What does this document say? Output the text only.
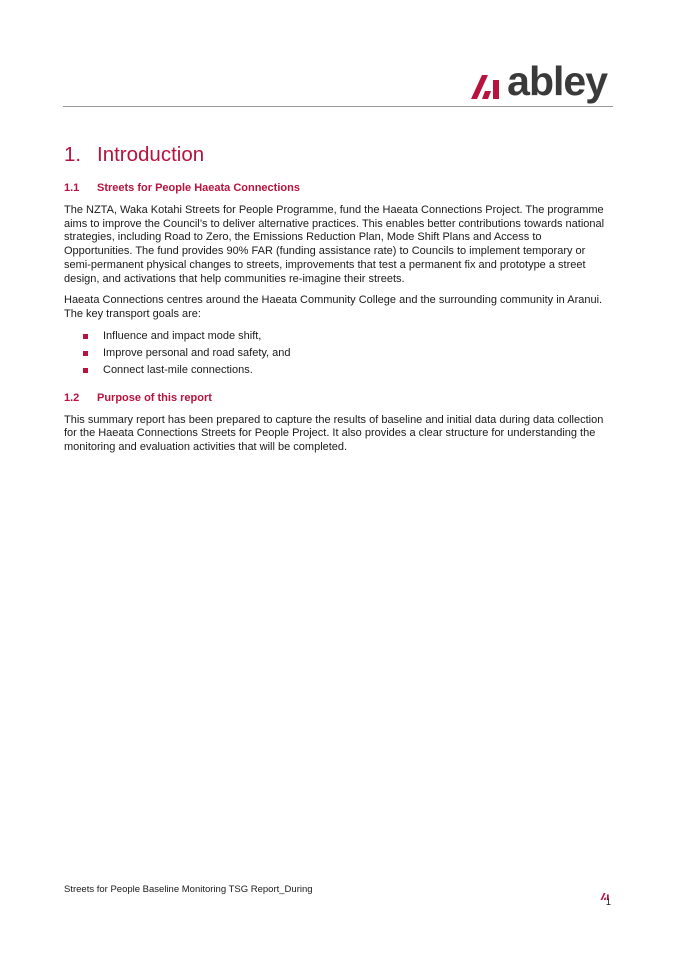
abley
1. Introduction
1.1 Streets for People Haeata Connections

The NZTA, Waka Kotahi Streets for People Programme, fund the Haeata Connections Project. The programme aims to improve the Council’s to deliver alternative practices. This enables better contributions towards national strategies, including Road to Zero, the Emissions Reduction Plan, Mode Shift Plans and Access to Opportunities. The fund provides 90% FAR (funding assistance rate) to Councils to implement temporary or semi-permanent physical changes to streets, improvements that test a permanent fix and prototype a street design, and activations that help communities re-imagine their streets.

Haeata Connections centres around the Haeata Community College and the surrounding community in Aranui. The key transport goals are:

Influence and impact mode shift,
Improve personal and road safety, and
Connect last-mile connections.
1.2 Purpose of this report

This summary report has been prepared to capture the results of baseline and initial data during data collection for the Haeata Connections Streets for People Project. It also provides a clear structure for understanding the monitoring and evaluation activities that will be completed.

Streets for People Baseline Monitoring TSG Report_During
1
